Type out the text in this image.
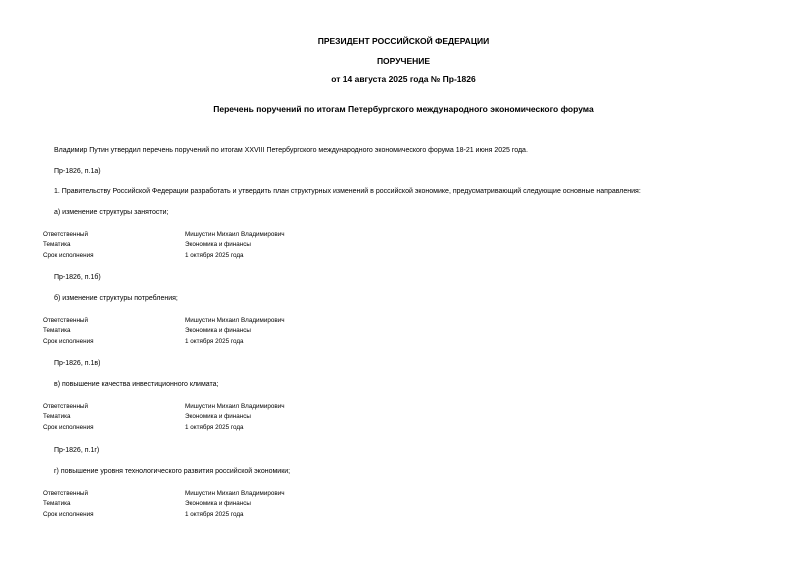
ПРЕЗИДЕНТ РОССИЙСКОЙ ФЕДЕРАЦИИ
ПОРУЧЕНИЕ
от 14 августа 2025 года № Пр-1826
Перечень поручений по итогам Петербургского международного экономического форума
Владимир Путин утвердил перечень поручений по итогам XXVIII Петербургского международного экономического форума 18-21 июня 2025 года.
Пр-1826, п.1а)
1. Правительству Российской Федерации разработать и утвердить план структурных изменений в российской экономике, предусматривающий следующие основные направления:
а) изменение структуры занятости;
Ответственный	Мишустин Михаил Владимирович
Тематика	Экономика и финансы
Срок исполнения	1 октября 2025 года
Пр-1826, п.1б)
б) изменение структуры потребления;
Ответственный	Мишустин Михаил Владимирович
Тематика	Экономика и финансы
Срок исполнения	1 октября 2025 года
Пр-1826, п.1в)
в) повышение качества инвестиционного климата;
Ответственный	Мишустин Михаил Владимирович
Тематика	Экономика и финансы
Срок исполнения	1 октября 2025 года
Пр-1826, п.1г)
г) повышение уровня технологического развития российской экономики;
Ответственный	Мишустин Михаил Владимирович
Тематика	Экономика и финансы
Срок исполнения	1 октября 2025 года
